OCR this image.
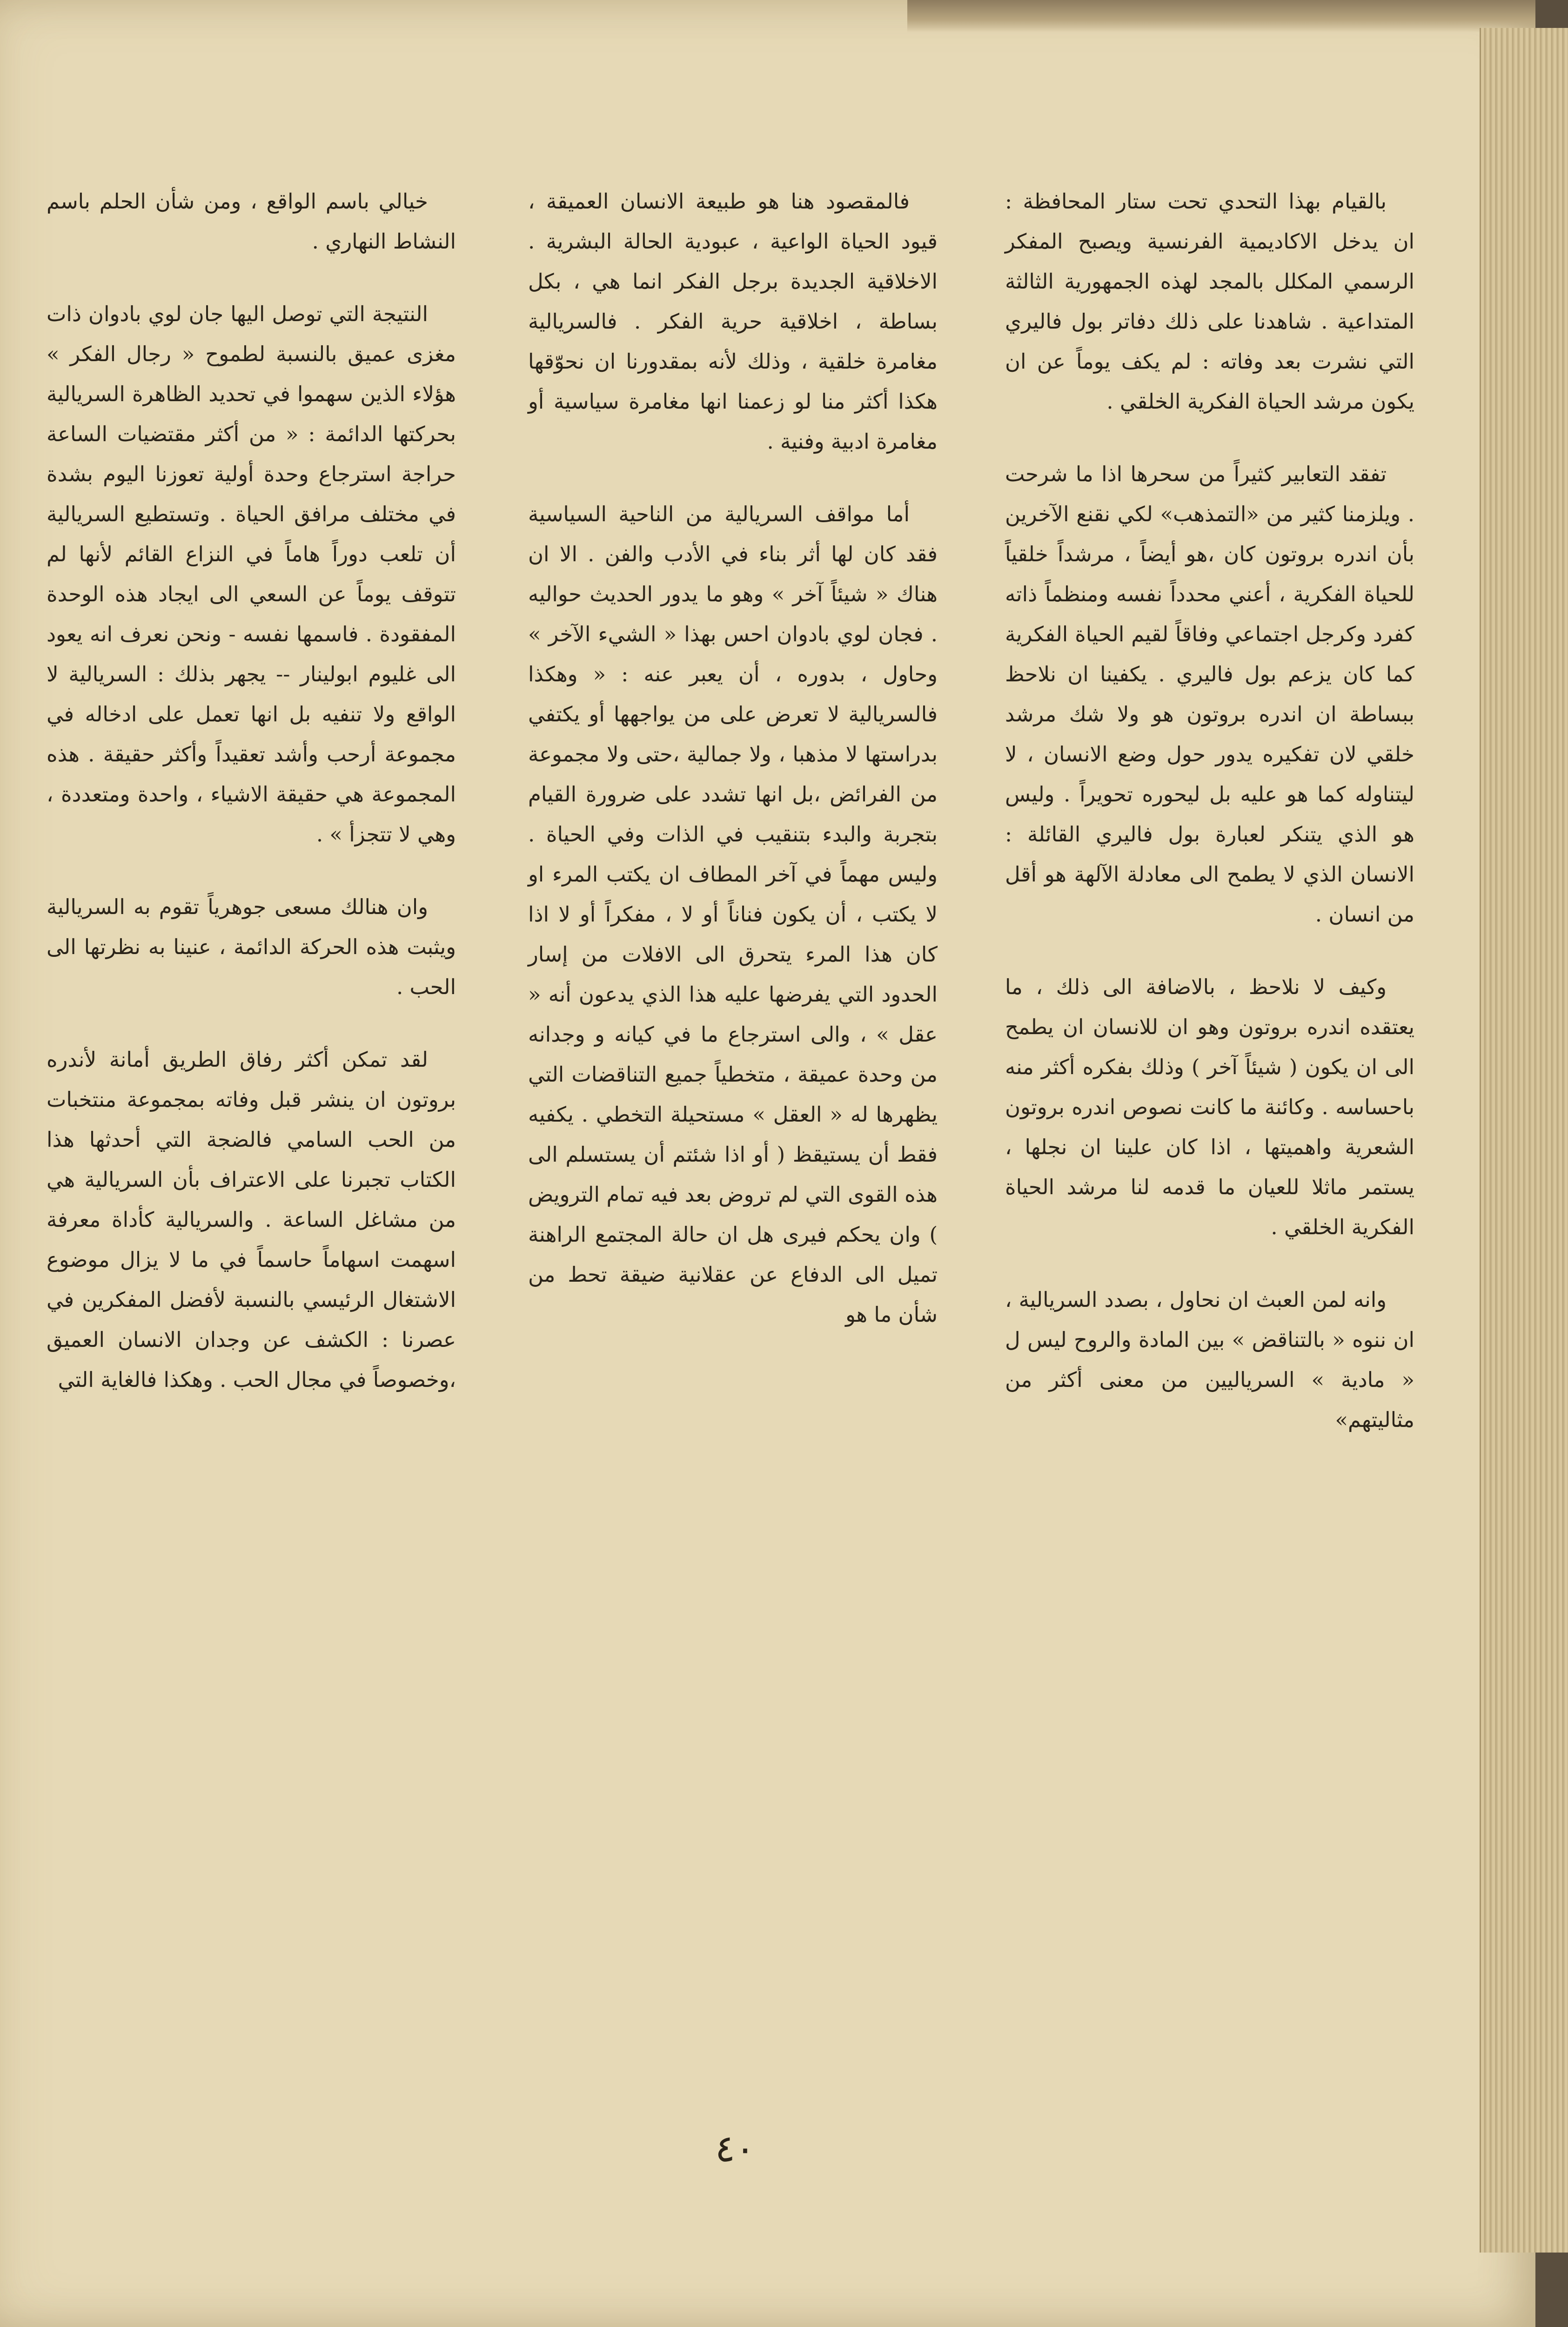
بالقيام بهذا التحدي تحت ستار المحافظة : ان يدخل الاكاديمية الفرنسية ويصبح المفكر الرسمي المكلل بالمجد لهذه الجمهورية الثالثة المتداعية . شاهدنا على ذلك دفاتر بول فاليري التي نشرت بعد وفاته : لم يكف يوماً عن ان يكون مرشد الحياة الفكرية الخلقي .

تفقد التعابير كثيراً من سحرها اذا ما شرحت . ويلزمنا كثير من «التمذهب» لكي نقنع الآخرين بأن اندره بروتون كان ،هو أيضاً ، مرشداً خلقياً للحياة الفكرية ، أعني محدداً نفسه ومنظماً ذاته كفرد وكرجل اجتماعي وفاقاً لقيم الحياة الفكرية كما كان يزعم بول فاليري . يكفينا ان نلاحظ ببساطة ان اندره بروتون هو ولا شك مرشد خلقي لان تفكيره يدور حول وضع الانسان ، لا ليتناوله كما هو عليه بل ليحوره تحويراً . وليس هو الذي يتنكر لعبارة بول فاليري القائلة : الانسان الذي لا يطمح الى معادلة الآلهة هو أقل من انسان .

وكيف لا نلاحظ ، بالاضافة الى ذلك ، ما يعتقده اندره بروتون وهو ان للانسان ان يطمح الى ان يكون ( شيئاً آخر ) وذلك بفكره أكثر منه باحساسه . وكائنة ما كانت نصوص اندره بروتون الشعرية واهميتها ، اذا كان علينا ان نجلها ، يستمر ماثلا للعيان ما قدمه لنا مرشد الحياة الفكرية الخلقي .

وانه لمن العبث ان نحاول ، بصدد السريالية ، ان ننوه « بالتناقض » بين المادة والروح ليس ل « مادية » السرياليين من معنى أكثر من مثاليتهم»

فالمقصود هنا هو طبيعة الانسان العميقة ، قيود الحياة الواعية ، عبودية الحالة البشرية . الاخلاقية الجديدة برجل الفكر انما هي ، بكل بساطة ، اخلاقية حرية الفكر . فالسريالية مغامرة خلقية ، وذلك لأنه بمقدورنا ان نحوّقها هكذا أكثر منا لو زعمنا انها مغامرة سياسية أو مغامرة ادبية وفنية .

أما مواقف السريالية من الناحية السياسية فقد كان لها أثر بناء في الأدب والفن . الا ان هناك « شيئاً آخر » وهو ما يدور الحديث حواليه . فجان لوي بادوان احس بهذا « الشيء الآخر » وحاول ، بدوره ، أن يعبر عنه : « وهكذا فالسريالية لا تعرض على من يواجهها أو يكتفي بدراستها لا مذهبا ، ولا جمالية ،حتى ولا مجموعة من الفرائض ،بل انها تشدد على ضرورة القيام بتجربة والبدء بتنقيب في الذات وفي الحياة . وليس مهماً في آخر المطاف ان يكتب المرء او لا يكتب ، أن يكون فناناً أو لا ، مفكراً أو لا اذا كان هذا المرء يتحرق الى الافلات من إسار الحدود التي يفرضها عليه هذا الذي يدعون أنه « عقل » ، والى استرجاع ما في كيانه و وجدانه من وحدة عميقة ، متخطياً جميع التناقضات التي يظهرها له « العقل » مستحيلة التخطي . يكفيه فقط أن يستيقظ ( أو اذا شئتم أن يستسلم الى هذه القوى التي لم تروض بعد فيه تمام الترويض ) وان يحكم فيرى هل ان حالة المجتمع الراهنة تميل الى الدفاع عن عقلانية ضيقة تحط من شأن ما هو

خيالي باسم الواقع ، ومن شأن الحلم باسم النشاط النهاري .

النتيجة التي توصل اليها جان لوي بادوان ذات مغزى عميق بالنسبة لطموح « رجال الفكر » هؤلاء الذين سهموا في تحديد الظاهرة السريالية بحركتها الدائمة : « من أكثر مقتضيات الساعة حراجة استرجاع وحدة أولية تعوزنا اليوم بشدة في مختلف مرافق الحياة . وتستطيع السريالية أن تلعب دوراً هاماً في النزاع القائم لأنها لم تتوقف يوماً عن السعي الى ايجاد هذه الوحدة المفقودة . فاسمها نفسه - ونحن نعرف انه يعود الى غليوم ابولينار -- يجهر بذلك : السريالية لا الواقع ولا تنفيه بل انها تعمل على ادخاله في مجموعة أرحب وأشد تعقيداً وأكثر حقيقة . هذه المجموعة هي حقيقة الاشياء ، واحدة ومتعددة ، وهي لا تتجزأ » .

وان هنالك مسعى جوهرياً تقوم به السريالية ويثبت هذه الحركة الدائمة ، عنينا به نظرتها الى الحب .

لقد تمكن أكثر رفاق الطريق أمانة لأندره بروتون ان ينشر قبل وفاته بمجموعة منتخبات من الحب السامي فالضجة التي أحدثها هذا الكتاب تجبرنا على الاعتراف بأن السريالية هي من مشاغل الساعة . والسريالية كأداة معرفة اسهمت اسهاماً حاسماً في ما لا يزال موضوع الاشتغال الرئيسي بالنسبة لأفضل المفكرين في عصرنا : الكشف عن وجدان الانسان العميق ،وخصوصاً في مجال الحب . وهكذا فالغاية التي

٤٠
